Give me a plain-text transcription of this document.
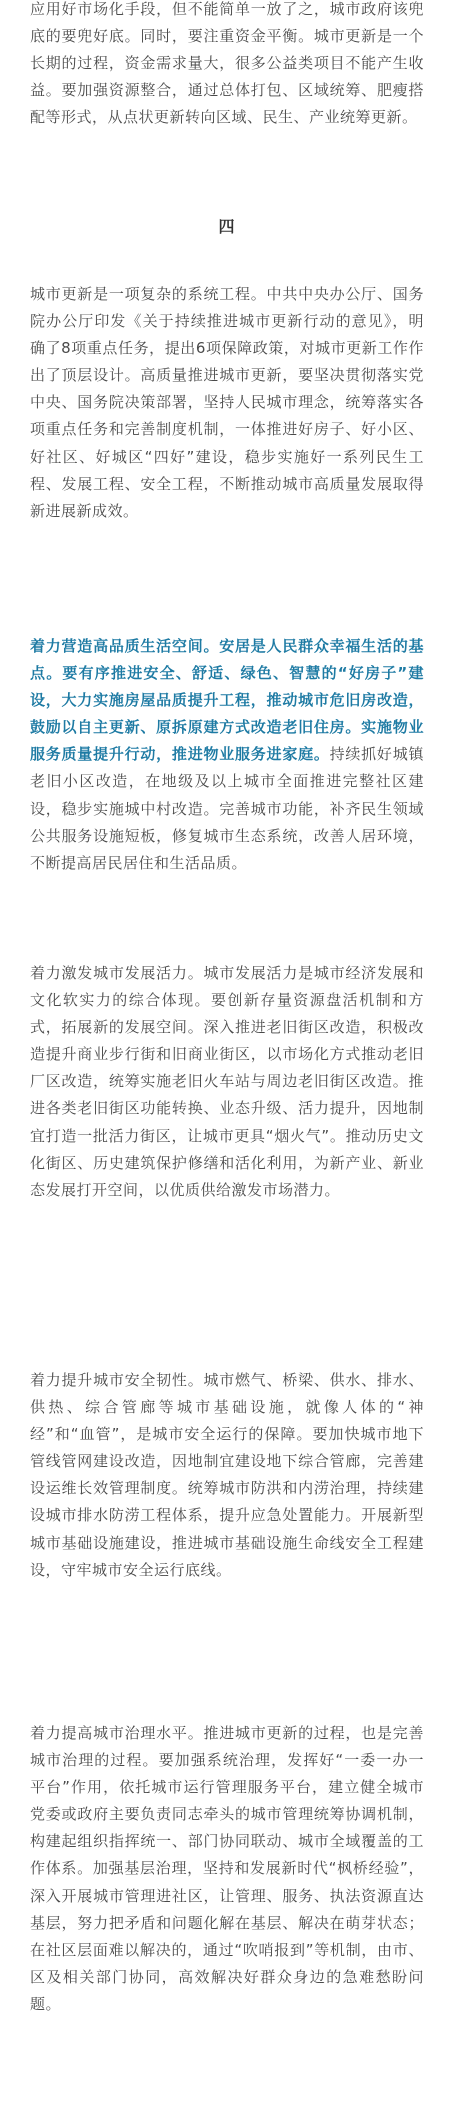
应用好市场化手段，但不能简单一放了之，城市政府该兜底的要兜好底。同时，要注重资金平衡。城市更新是一个长期的过程，资金需求量大，很多公益类项目不能产生收益。要加强资源整合，通过总体打包、区域统筹、肥瘦搭配等形式，从点状更新转向区域、民生、产业统筹更新。

四

城市更新是一项复杂的系统工程。中共中央办公厅、国务院办公厅印发《关于持续推进城市更新行动的意见》，明确了8项重点任务，提出6项保障政策，对城市更新工作作出了顶层设计。高质量推进城市更新，要坚决贯彻落实党中央、国务院决策部署，坚持人民城市理念，统筹落实各项重点任务和完善制度机制，一体推进好房子、好小区、好社区、好城区“四好”建设，稳步实施好一系列民生工程、发展工程、安全工程，不断推动城市高质量发展取得新进展新成效。

着力营造高品质生活空间。安居是人民群众幸福生活的基点。要有序推进安全、舒适、绿色、智慧的“好房子”建设，大力实施房屋品质提升工程，推动城市危旧房改造，鼓励以自主更新、原拆原建方式改造老旧住房。实施物业服务质量提升行动，推进物业服务进家庭。持续抓好城镇老旧小区改造，在地级及以上城市全面推进完整社区建设，稳步实施城中村改造。完善城市功能，补齐民生领域公共服务设施短板，修复城市生态系统，改善人居环境，不断提高居民居住和生活品质。

着力激发城市发展活力。城市发展活力是城市经济发展和文化软实力的综合体现。要创新存量资源盘活机制和方式，拓展新的发展空间。深入推进老旧街区改造，积极改造提升商业步行街和旧商业街区，以市场化方式推动老旧厂区改造，统筹实施老旧火车站与周边老旧街区改造。推进各类老旧街区功能转换、业态升级、活力提升，因地制宜打造一批活力街区，让城市更具“烟火气”。推动历史文化街区、历史建筑保护修缮和活化利用，为新产业、新业态发展打开空间，以优质供给激发市场潜力。

着力提升城市安全韧性。城市燃气、桥梁、供水、排水、供热、综合管廊等城市基础设施，就像人体的“神经”和“血管”，是城市安全运行的保障。要加快城市地下管线管网建设改造，因地制宜建设地下综合管廊，完善建设运维长效管理制度。统筹城市防洪和内涝治理，持续建设城市排水防涝工程体系，提升应急处置能力。开展新型城市基础设施建设，推进城市基础设施生命线安全工程建设，守牢城市安全运行底线。

着力提高城市治理水平。推进城市更新的过程，也是完善城市治理的过程。要加强系统治理，发挥好“一委一办一平台”作用，依托城市运行管理服务平台，建立健全城市党委或政府主要负责同志牵头的城市管理统筹协调机制，构建起组织指挥统一、部门协同联动、城市全域覆盖的工作体系。加强基层治理，坚持和发展新时代“枫桥经验”，深入开展城市管理进社区，让管理、服务、执法资源直达基层，努力把矛盾和问题化解在基层、解决在萌芽状态；在社区层面难以解决的，通过“吹哨报到”等机制，由市、区及相关部门协同，高效解决好群众身边的急难愁盼问题。
